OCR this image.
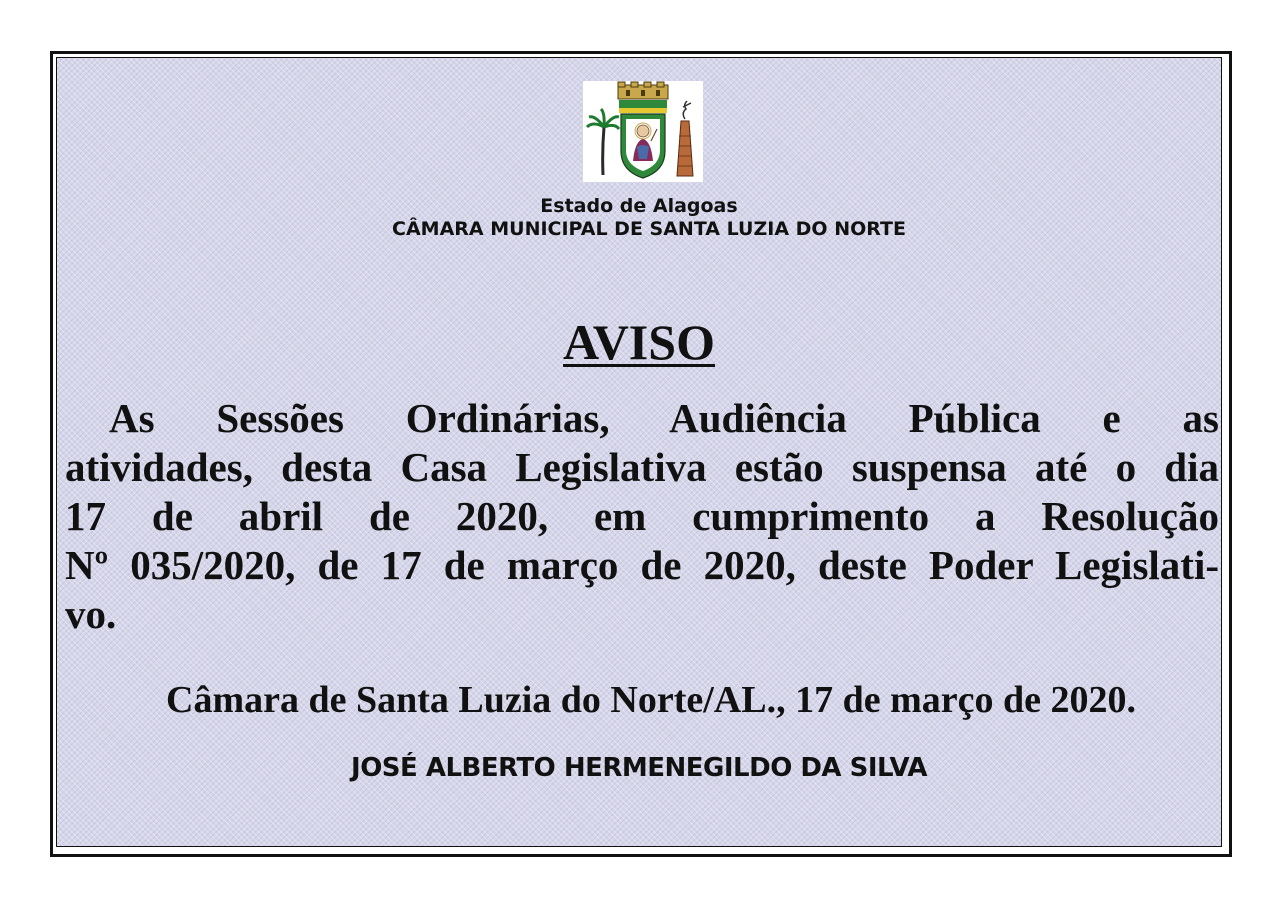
Estado de Alagoas
CÂMARA MUNICIPAL DE SANTA LUZIA DO NORTE
AVISO
As Sessões Ordinárias, Audiência Pública e as
atividades, desta Casa Legislativa estão suspensa até o dia
17 de abril de 2020, em cumprimento a Resolução
Nº 035/2020, de 17 de março de 2020, deste Poder Legislati-
vo.
Câmara de Santa Luzia do Norte/AL., 17 de março de 2020.
JOSÉ ALBERTO HERMENEGILDO DA SILVA
